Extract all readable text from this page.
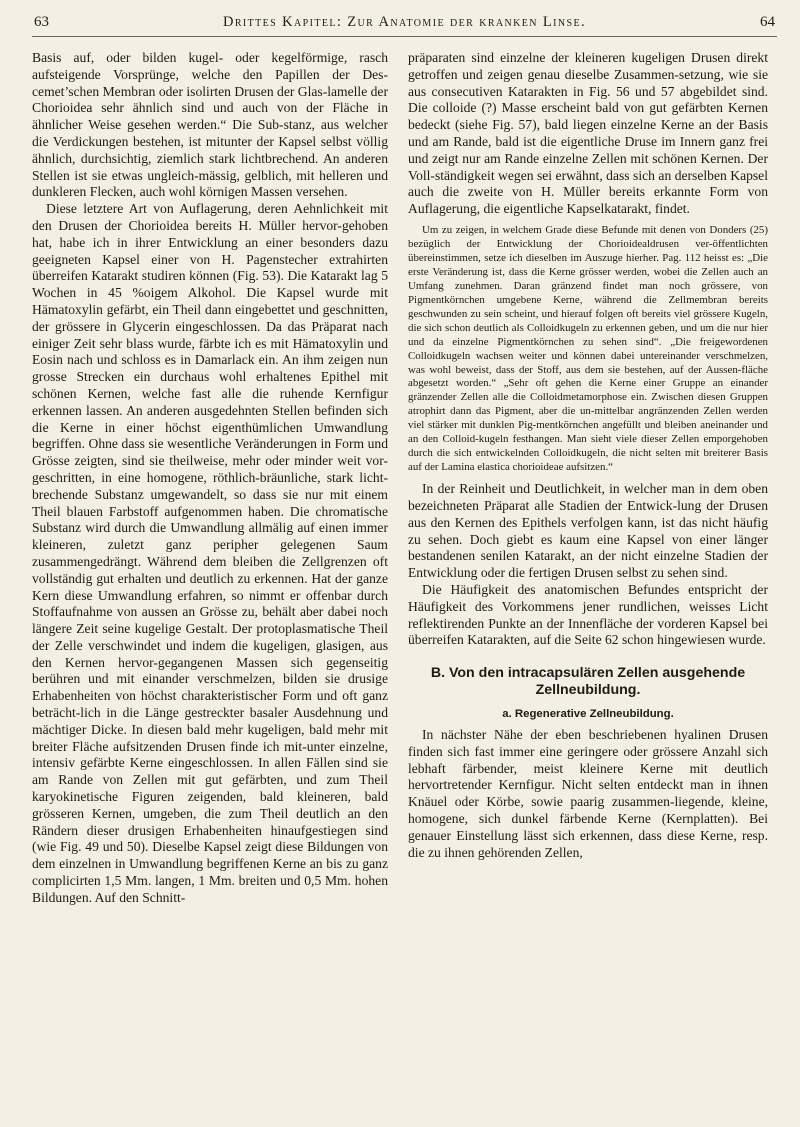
63	Drittes Kapitel: Zur Anatomie der kranken Linse.	64

Basis auf, oder bilden kugel- oder kegelförmige, rasch aufsteigende Vorsprünge, welche den Papillen der Des-cemet’schen Membran oder isolirten Drusen der Glas-lamelle der Chorioidea sehr ähnlich sind und auch von der Fläche in ähnlicher Weise gesehen werden.“ Die Sub-stanz, aus welcher die Verdickungen bestehen, ist mitunter der Kapsel selbst völlig ähnlich, durchsichtig, ziemlich stark lichtbrechend. An anderen Stellen ist sie etwas ungleich-mässig, gelblich, mit helleren und dunkleren Flecken, auch wohl körnigen Massen versehen.

Diese letztere Art von Auflagerung, deren Aehnlichkeit mit den Drusen der Chorioidea bereits H. Müller hervor-gehoben hat, habe ich in ihrer Entwicklung an einer besonders dazu geeigneten Kapsel einer von H. Pagenstecher extrahirten überreifen Katarakt studiren können (Fig. 53). Die Katarakt lag 5 Wochen in 45 %oigem Alkohol. Die Kapsel wurde mit Hämatoxylin gefärbt, ein Theil dann eingebettet und geschnitten, der grössere in Glycerin eingeschlossen. Da das Präparat nach einiger Zeit sehr blass wurde, färbte ich es mit Hämatoxylin und Eosin nach und schloss es in Damarlack ein. An ihm zeigen nun grosse Strecken ein durchaus wohl erhaltenes Epithel mit schönen Kernen, welche fast alle die ruhende Kernfigur erkennen lassen. An anderen ausgedehnten Stellen befinden sich die Kerne in einer höchst eigenthümlichen Umwandlung begriffen. Ohne dass sie wesentliche Veränderungen in Form und Grösse zeigten, sind sie theilweise, mehr oder minder weit vor-geschritten, in eine homogene, röthlich-bräunliche, stark licht-brechende Substanz umgewandelt, so dass sie nur mit einem Theil blauen Farbstoff aufgenommen haben. Die chromatische Substanz wird durch die Umwandlung allmälig auf einen immer kleineren, zuletzt ganz peripher gelegenen Saum zusammengedrängt. Während dem bleiben die Zellgrenzen oft vollständig gut erhalten und deutlich zu erkennen. Hat der ganze Kern diese Umwandlung erfahren, so nimmt er offenbar durch Stoffaufnahme von aussen an Grösse zu, behält aber dabei noch längere Zeit seine kugelige Gestalt. Der protoplasmatische Theil der Zelle verschwindet und indem die kugeligen, glasigen, aus den Kernen hervor-gegangenen Massen sich gegenseitig berühren und mit einander verschmelzen, bilden sie drusige Erhabenheiten von höchst charakteristischer Form und oft ganz beträcht-lich in die Länge gestreckter basaler Ausdehnung und mächtiger Dicke. In diesen bald mehr kugeligen, bald mehr mit breiter Fläche aufsitzenden Drusen finde ich mit-unter einzelne, intensiv gefärbte Kerne eingeschlossen. In allen Fällen sind sie am Rande von Zellen mit gut gefärbten, und zum Theil karyokinetische Figuren zeigenden, bald kleineren, bald grösseren Kernen, umgeben, die zum Theil deutlich an den Rändern dieser drusigen Erhabenheiten hinaufgestiegen sind (wie Fig. 49 und 50). Dieselbe Kapsel zeigt diese Bildungen von dem einzelnen in Umwandlung begriffenen Kerne an bis zu ganz complicirten 1,5 Mm. langen, 1 Mm. breiten und 0,5 Mm. hohen Bildungen. Auf den Schnitt-

präparaten sind einzelne der kleineren kugeligen Drusen direkt getroffen und zeigen genau dieselbe Zusammen-setzung, wie sie aus consecutiven Katarakten in Fig. 56 und 57 abgebildet sind. Die colloide (?) Masse erscheint bald von gut gefärbten Kernen bedeckt (siehe Fig. 57), bald liegen einzelne Kerne an der Basis und am Rande, bald ist die eigentliche Druse im Innern ganz frei und zeigt nur am Rande einzelne Zellen mit schönen Kernen. Der Voll-ständigkeit wegen sei erwähnt, dass sich an derselben Kapsel auch die zweite von H. Müller bereits erkannte Form von Auflagerung, die eigentliche Kapselkatarakt, findet.

Um zu zeigen, in welchem Grade diese Befunde mit denen von Donders (25) bezüglich der Entwicklung der Chorioidealdrusen ver-öffentlichten übereinstimmen, setze ich dieselben im Auszuge hierher. Pag. 112 heisst es: „Die erste Veränderung ist, dass die Kerne grösser werden, wobei die Zellen auch an Umfang zunehmen. Daran gränzend findet man noch grössere, von Pigmentkörnchen umgebene Kerne, während die Zellmembran bereits geschwunden zu sein scheint, und hierauf folgen oft bereits viel grössere Kugeln, die sich schon deutlich als Colloidkugeln zu erkennen geben, und um die nur hier und da einzelne Pigmentkörnchen zu sehen sind“. „Die freigewordenen Colloidkugeln wachsen weiter und können dabei untereinander verschmelzen, was wohl beweist, dass der Stoff, aus dem sie bestehen, auf der Aussen-fläche abgesetzt worden.“ „Sehr oft gehen die Kerne einer Gruppe an einander gränzender Zellen alle die Colloidmetamorphose ein. Zwischen diesen Gruppen atrophirt dann das Pigment, aber die un-mittelbar angränzenden Zellen werden viel stärker mit dunklen Pig-mentkörnchen angefüllt und bleiben aneinander und an den Colloid-kugeln festhangen. Man sieht viele dieser Zellen emporgehoben durch die sich entwickelnden Colloidkugeln, die nicht selten mit breiterer Basis auf der Lamina elastica chorioideae aufsitzen.“

In der Reinheit und Deutlichkeit, in welcher man in dem oben bezeichneten Präparat alle Stadien der Entwick-lung der Drusen aus den Kernen des Epithels verfolgen kann, ist das nicht häufig zu sehen. Doch giebt es kaum eine Kapsel von einer länger bestandenen senilen Katarakt, an der nicht einzelne Stadien der Entwicklung oder die fertigen Drusen selbst zu sehen sind.

Die Häufigkeit des anatomischen Befundes entspricht der Häufigkeit des Vorkommens jener rundlichen, weisses Licht reflektirenden Punkte an der Innenfläche der vorderen Kapsel bei überreifen Katarakten, auf die Seite 62 schon hingewiesen wurde.

B. Von den intracapsulären Zellen ausgehende Zellneubildung.

a. Regenerative Zellneubildung.

In nächster Nähe der eben beschriebenen hyalinen Drusen finden sich fast immer eine geringere oder grössere Anzahl sich lebhaft färbender, meist kleinere Kerne mit deutlich hervortretender Kernfigur. Nicht selten entdeckt man in ihnen Knäuel oder Körbe, sowie paarig zusammen-liegende, kleine, homogene, sich dunkel färbende Kerne (Kernplatten). Bei genauer Einstellung lässt sich erkennen, dass diese Kerne, resp. die zu ihnen gehörenden Zellen,
